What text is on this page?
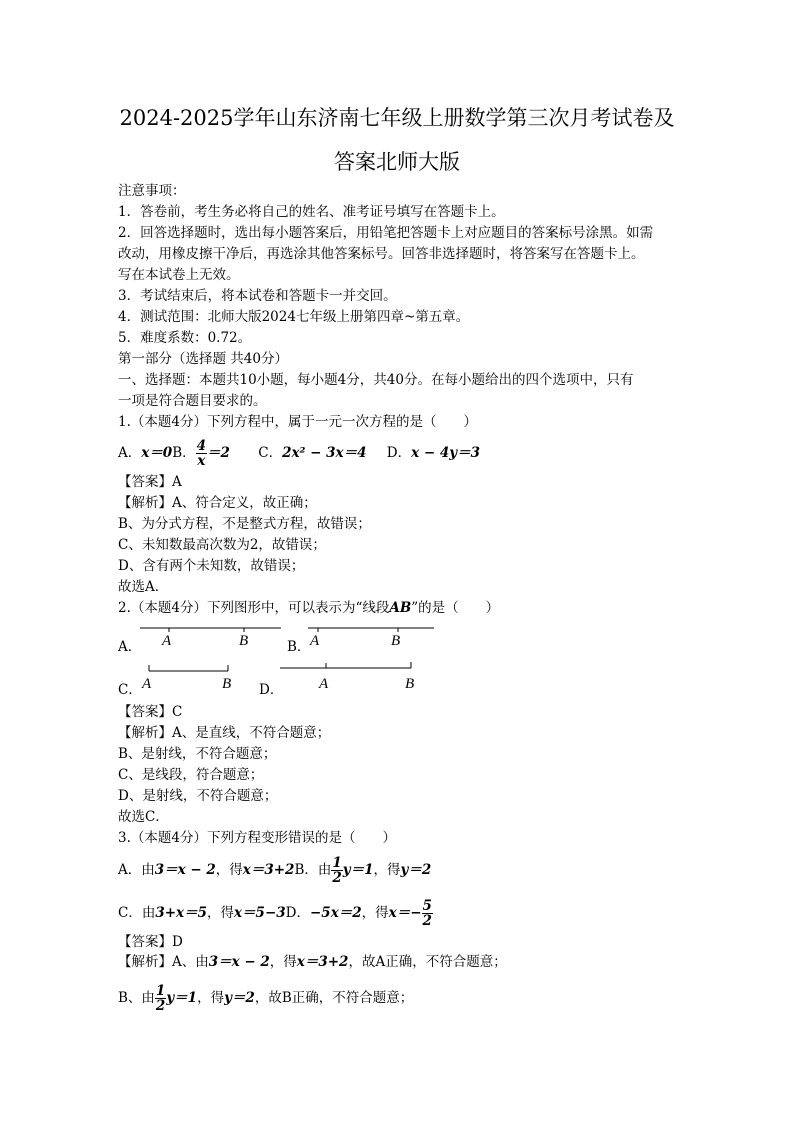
2024-2025学年山东济南七年级上册数学第三次月考试卷及
答案北师大版
注意事项：
1．答卷前，考生务必将自己的姓名、准考证号填写在答题卡上。
2．回答选择题时，选出每小题答案后，用铅笔把答题卡上对应题目的答案标号涂黑。如需
改动，用橡皮擦干净后，再选涂其他答案标号。回答非选择题时，将答案写在答题卡上。
写在本试卷上无效。
3．考试结束后，将本试卷和答题卡一并交回。
4．测试范围：北师大版2024七年级上册第四章~第五章。
5．难度系数：0.72。
第一部分（选择题 共40分）
一、选择题：本题共10小题，每小题4分，共40分。在每小题给出的四个选项中，只有
一项是符合题目要求的。
1.（本题4分）下列方程中，属于一元一次方程的是（　　）
A．x＝0B． $\frac{4}{x} =2$ C．2x² − 3x＝4 D．x − 4y＝3
【答案】A
【解析】A、符合定义，故正确；
B、为分式方程，不是整式方程，故错误；
C、未知数最高次数为2，故错误；
D、含有两个未知数，故错误；
故选A．
2.（本题4分）下列图形中，可以表示为“线段AB”的是（　　）
A． A	B	B． A	B
C． A	B D． A	B
【答案】C
【解析】A、是直线，不符合题意；
B、是射线，不符合题意；
C、是线段，符合题意；
D、是射线，不符合题意；
故选C．
3.（本题4分）下列方程变形错误的是（　　）
A．由3＝x − 2，得x＝3+2B．由 $\frac{1}{2} y=1$，得y＝2
C．由3+x＝5，得x＝5−3D．−5x＝2，得$x=- \frac{5}{2}$
【答案】D
【解析】A、由3＝x − 2，得x＝3+2，故A正确，不符合题意；
B、由 $\frac{1}{2} y=1$，得y＝2，故B正确，不符合题意；
